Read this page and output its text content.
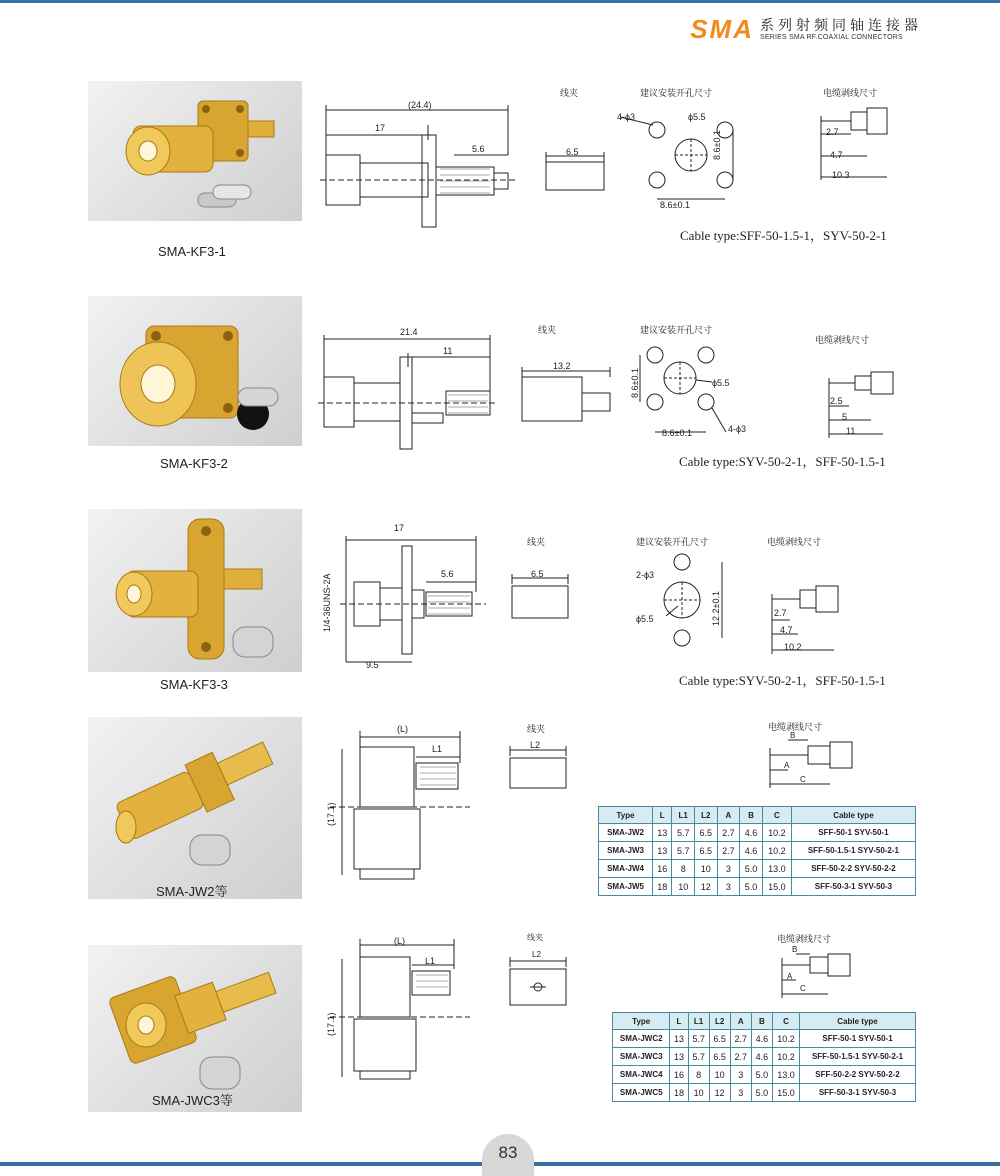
SMA 系列射频同轴连接器
SERIES SMA RF.COAXIAL CONNECTORS
SMA-KF3-1
(24.4)
17
5.6
线夹
6.5
建议安装开孔尺寸
4-ϕ3	ϕ5.5
8.6±0.1
8.6±0.1
电缆剥线尺寸
2.7
4.7
10.3
Cable type:SFF-50-1.5-1，SYV-50-2-1
SMA-KF3-2
21.4
11
线夹
13.2
建议安装开孔尺寸
8.6±0.1	ϕ5.5
4-ϕ3
8.6±0.1
电缆剥线尺寸
2.5
5
11
Cable type:SYV-50-2-1，SFF-50-1.5-1
SMA-KF3-3
17
5.6
9.5
1/4-36UNS-2A
线夹
6.5
建议安装开孔尺寸
2-ϕ3
ϕ5.5	12.2±0.1
电缆剥线尺寸
2.7
4.7
10.2
Cable type:SYV-50-2-1，SFF-50-1.5-1
SMA-JW2等
(L)
L1
(17.1)
线夹
L2
电缆剥线尺寸
B
A
C
Type	L	L1	L2	A	B	C	Cable type
SMA-JW2	13	5.7	6.5	2.7	4.6	10.2	SFF-50-1 SYV-50-1
SMA-JW3	13	5.7	6.5	2.7	4.6	10.2	SFF-50-1.5-1 SYV-50-2-1
SMA-JW4	16	8	10	3	5.0	13.0	SFF-50-2-2 SYV-50-2-2
SMA-JW5	18	10	12	3	5.0	15.0	SFF-50-3-1 SYV-50-3
SMA-JWC3等
(L)
L1
(17.1)
线夹
L2
电缆剥线尺寸
B
A
C
Type	L	L1	L2	A	B	C	Cable type
SMA-JWC2	13	5.7	6.5	2.7	4.6	10.2	SFF-50-1 SYV-50-1
SMA-JWC3	13	5.7	6.5	2.7	4.6	10.2	SFF-50-1.5-1 SYV-50-2-1
SMA-JWC4	16	8	10	3	5.0	13.0	SFF-50-2-2 SYV-50-2-2
SMA-JWC5	18	10	12	3	5.0	15.0	SFF-50-3-1 SYV-50-3
83
